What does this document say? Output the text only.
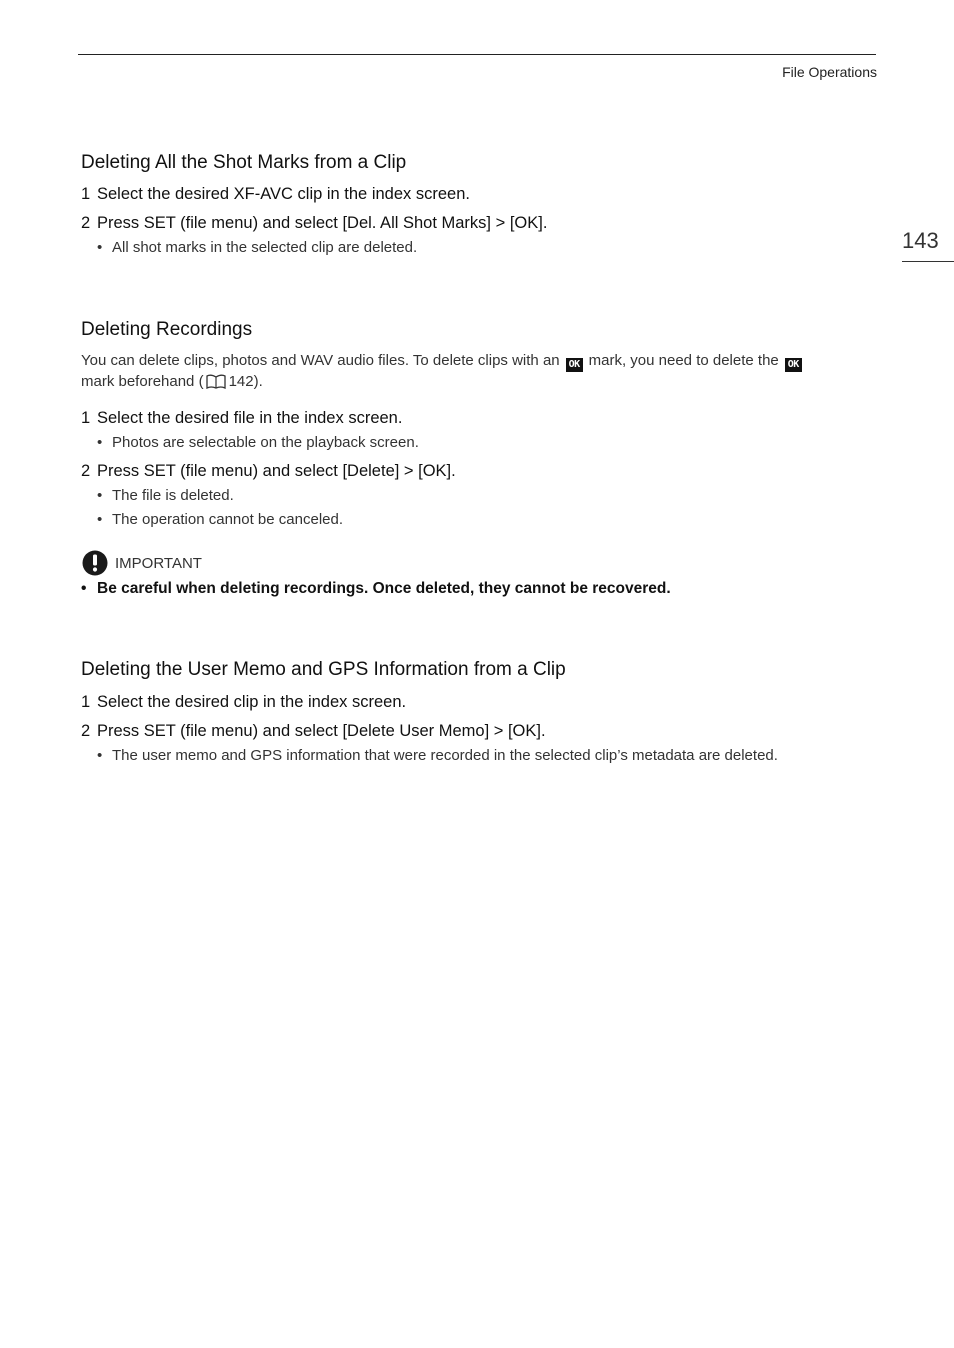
File Operations
143
Deleting All the Shot Marks from a Clip
1 Select the desired XF-AVC clip in the index screen.
2 Press SET (file menu) and select [Del. All Shot Marks] > [OK].
• All shot marks in the selected clip are deleted.
Deleting Recordings
You can delete clips, photos and WAV audio files. To delete clips with an OK mark, you need to delete the OK
mark beforehand ( 142).
1 Select the desired file in the index screen.
• Photos are selectable on the playback screen.
2 Press SET (file menu) and select [Delete] > [OK].
• The file is deleted.
• The operation cannot be canceled.
IMPORTANT
• Be careful when deleting recordings. Once deleted, they cannot be recovered.
Deleting the User Memo and GPS Information from a Clip
1 Select the desired clip in the index screen.
2 Press SET (file menu) and select [Delete User Memo] > [OK].
• The user memo and GPS information that were recorded in the selected clip’s metadata are deleted.
